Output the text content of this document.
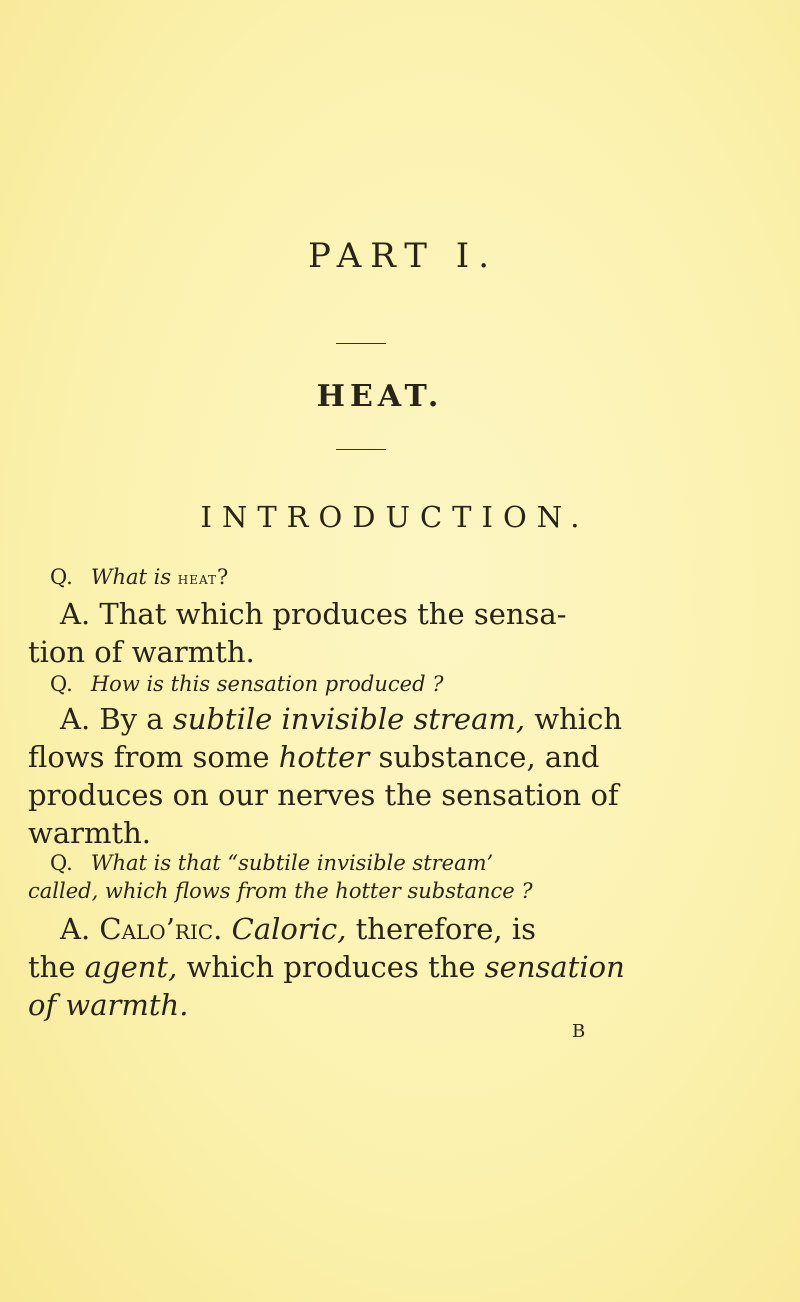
PART I.
HEAT.
INTRODUCTION.
Q. What is heat?
A. That which produces the sensa-
tion of warmth.
Q. How is this sensation produced ?
A. By a subtile invisible stream, which
flows from some hotter substance, and
produces on our nerves the sensation of
warmth.
Q. What is that “subtile invisible stream’
called, which flows from the hotter substance ?
A. Calo’ric. Caloric, therefore, is
the agent, which produces the sensation
of warmth.
B
